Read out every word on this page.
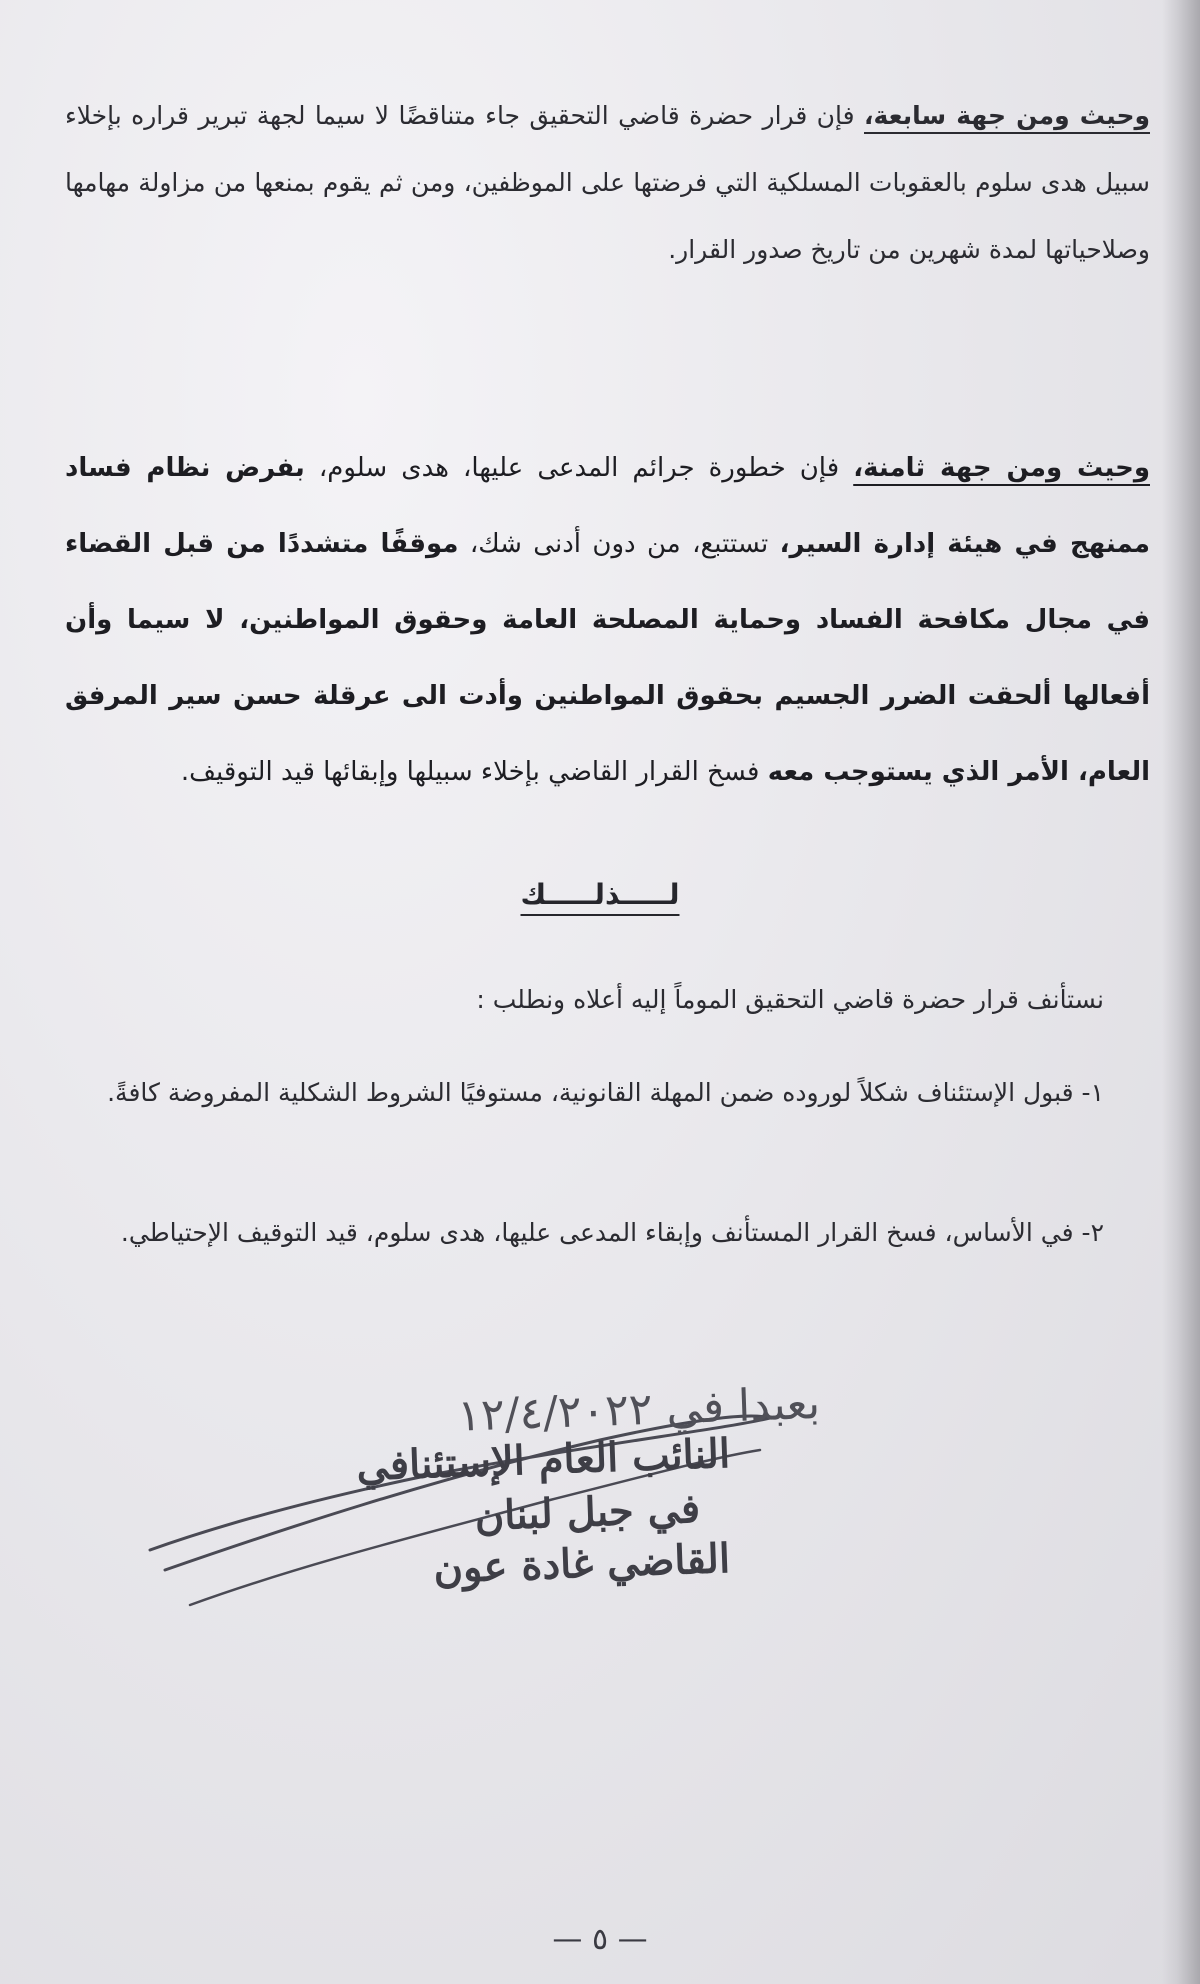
وحيث ومن جهة سابعة، فإن قرار حضرة قاضي التحقيق جاء متناقضًا لا سيما لجهة تبرير قراره بإخلاء سبيل هدى سلوم بالعقوبات المسلكية التي فرضتها على الموظفين، ومن ثم يقوم بمنعها من مزاولة مهامها وصلاحياتها لمدة شهرين من تاريخ صدور القرار.
وحيث ومن جهة ثامنة، فإن خطورة جرائم المدعى عليها، هدى سلوم، بفرض نظام فساد ممنهج في هيئة إدارة السير، تستتبع، من دون أدنى شك، موقفًا متشددًا من قبل القضاء في مجال مكافحة الفساد وحماية المصلحة العامة وحقوق المواطنين، لا سيما وأن أفعالها ألحقت الضرر الجسيم بحقوق المواطنين وأدت الى عرقلة حسن سير المرفق العام، الأمر الذي يستوجب معه فسخ القرار القاضي بإخلاء سبيلها وإبقائها قيد التوقيف.
لـــــذلـــــك
نستأنف قرار حضرة قاضي التحقيق الموماً إليه أعلاه ونطلب :
١- قبول الإستئناف شكلاً لوروده ضمن المهلة القانونية، مستوفيًا الشروط الشكلية المفروضة كافةً.
٢- في الأساس، فسخ القرار المستأنف وإبقاء المدعى عليها، هدى سلوم، قيد التوقيف الإحتياطي.
بعبدا في ١٢/٤/٢٠٢٢
النائب العام الإستئنافي
في جبل لبنان
القاضي غادة عون
— ٥ —
